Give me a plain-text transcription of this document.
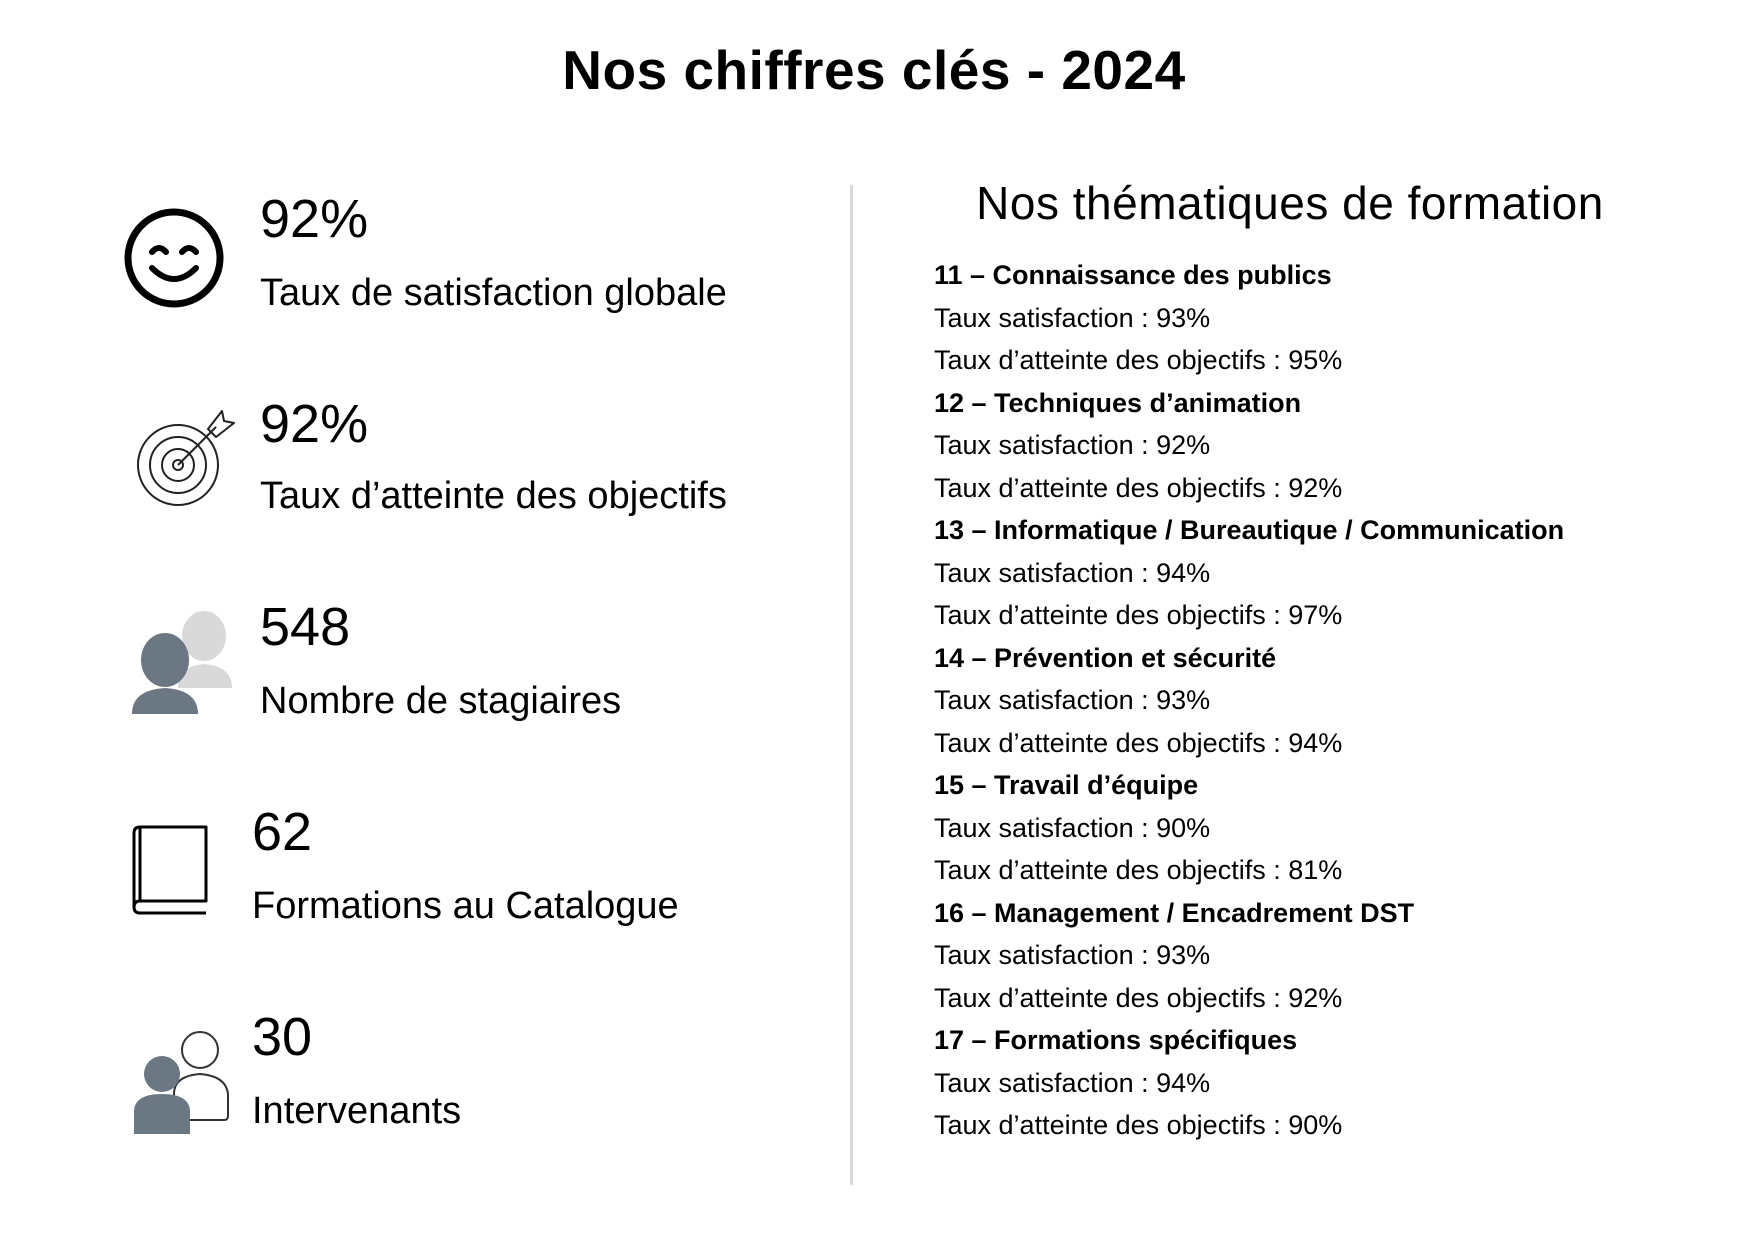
Nos chiffres clés - 2024
92%
Taux de satisfaction globale
92%
Taux d’atteinte des objectifs
548
Nombre de stagiaires
62
Formations au Catalogue
30
Intervenants
Nos thématiques de formation
11 – Connaissance des publics
Taux satisfaction : 93%
Taux d’atteinte des objectifs : 95%
12 – Techniques d’animation
Taux satisfaction : 92%
Taux d’atteinte des objectifs : 92%
13 – Informatique / Bureautique / Communication
Taux satisfaction : 94%
Taux d’atteinte des objectifs : 97%
14 – Prévention et sécurité
Taux satisfaction : 93%
Taux d’atteinte des objectifs : 94%
15 – Travail d’équipe
Taux satisfaction : 90%
Taux d’atteinte des objectifs : 81%
16 – Management / Encadrement DST
Taux satisfaction : 93%
Taux d’atteinte des objectifs : 92%
17 – Formations spécifiques
Taux satisfaction : 94%
Taux d’atteinte des objectifs : 90%
